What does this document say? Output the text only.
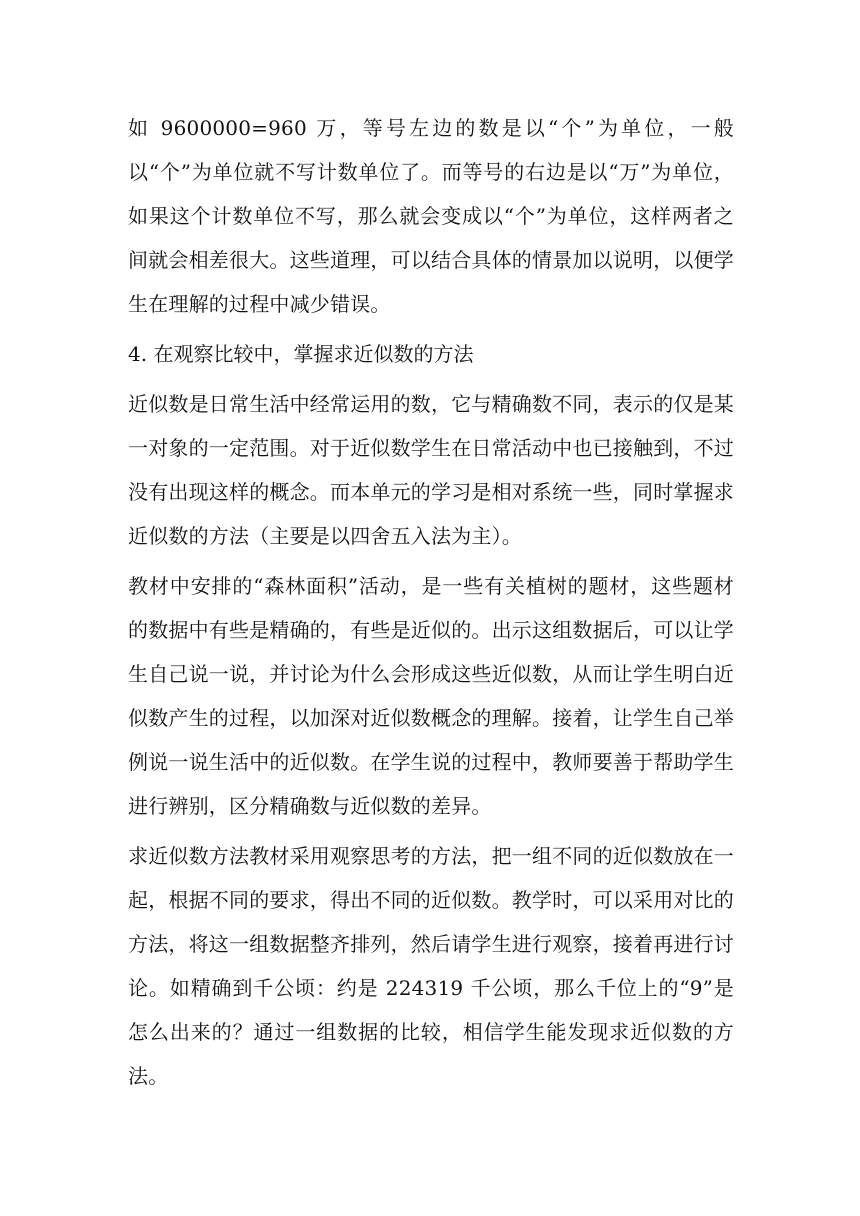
如 9600000=960 万，等号左边的数是以“个”为单位，一般以“个”为单位就不写计数单位了。而等号的右边是以“万”为单位，如果这个计数单位不写，那么就会变成以“个”为单位，这样两者之间就会相差很大。这些道理，可以结合具体的情景加以说明，以便学生在理解的过程中减少错误。

4. 在观察比较中，掌握求近似数的方法

近似数是日常生活中经常运用的数，它与精确数不同，表示的仅是某一对象的一定范围。对于近似数学生在日常活动中也已接触到，不过没有出现这样的概念。而本单元的学习是相对系统一些，同时掌握求近似数的方法（主要是以四舍五入法为主）。

教材中安排的“森林面积”活动，是一些有关植树的题材，这些题材的数据中有些是精确的，有些是近似的。出示这组数据后，可以让学生自己说一说，并讨论为什么会形成这些近似数，从而让学生明白近似数产生的过程，以加深对近似数概念的理解。接着，让学生自己举例说一说生活中的近似数。在学生说的过程中，教师要善于帮助学生进行辨别，区分精确数与近似数的差异。

求近似数方法教材采用观察思考的方法，把一组不同的近似数放在一起，根据不同的要求，得出不同的近似数。教学时，可以采用对比的方法，将这一组数据整齐排列，然后请学生进行观察，接着再进行讨论。如精确到千公顷：约是 224319 千公顷，那么千位上的“9”是怎么出来的？通过一组数据的比较，相信学生能发现求近似数的方法。
